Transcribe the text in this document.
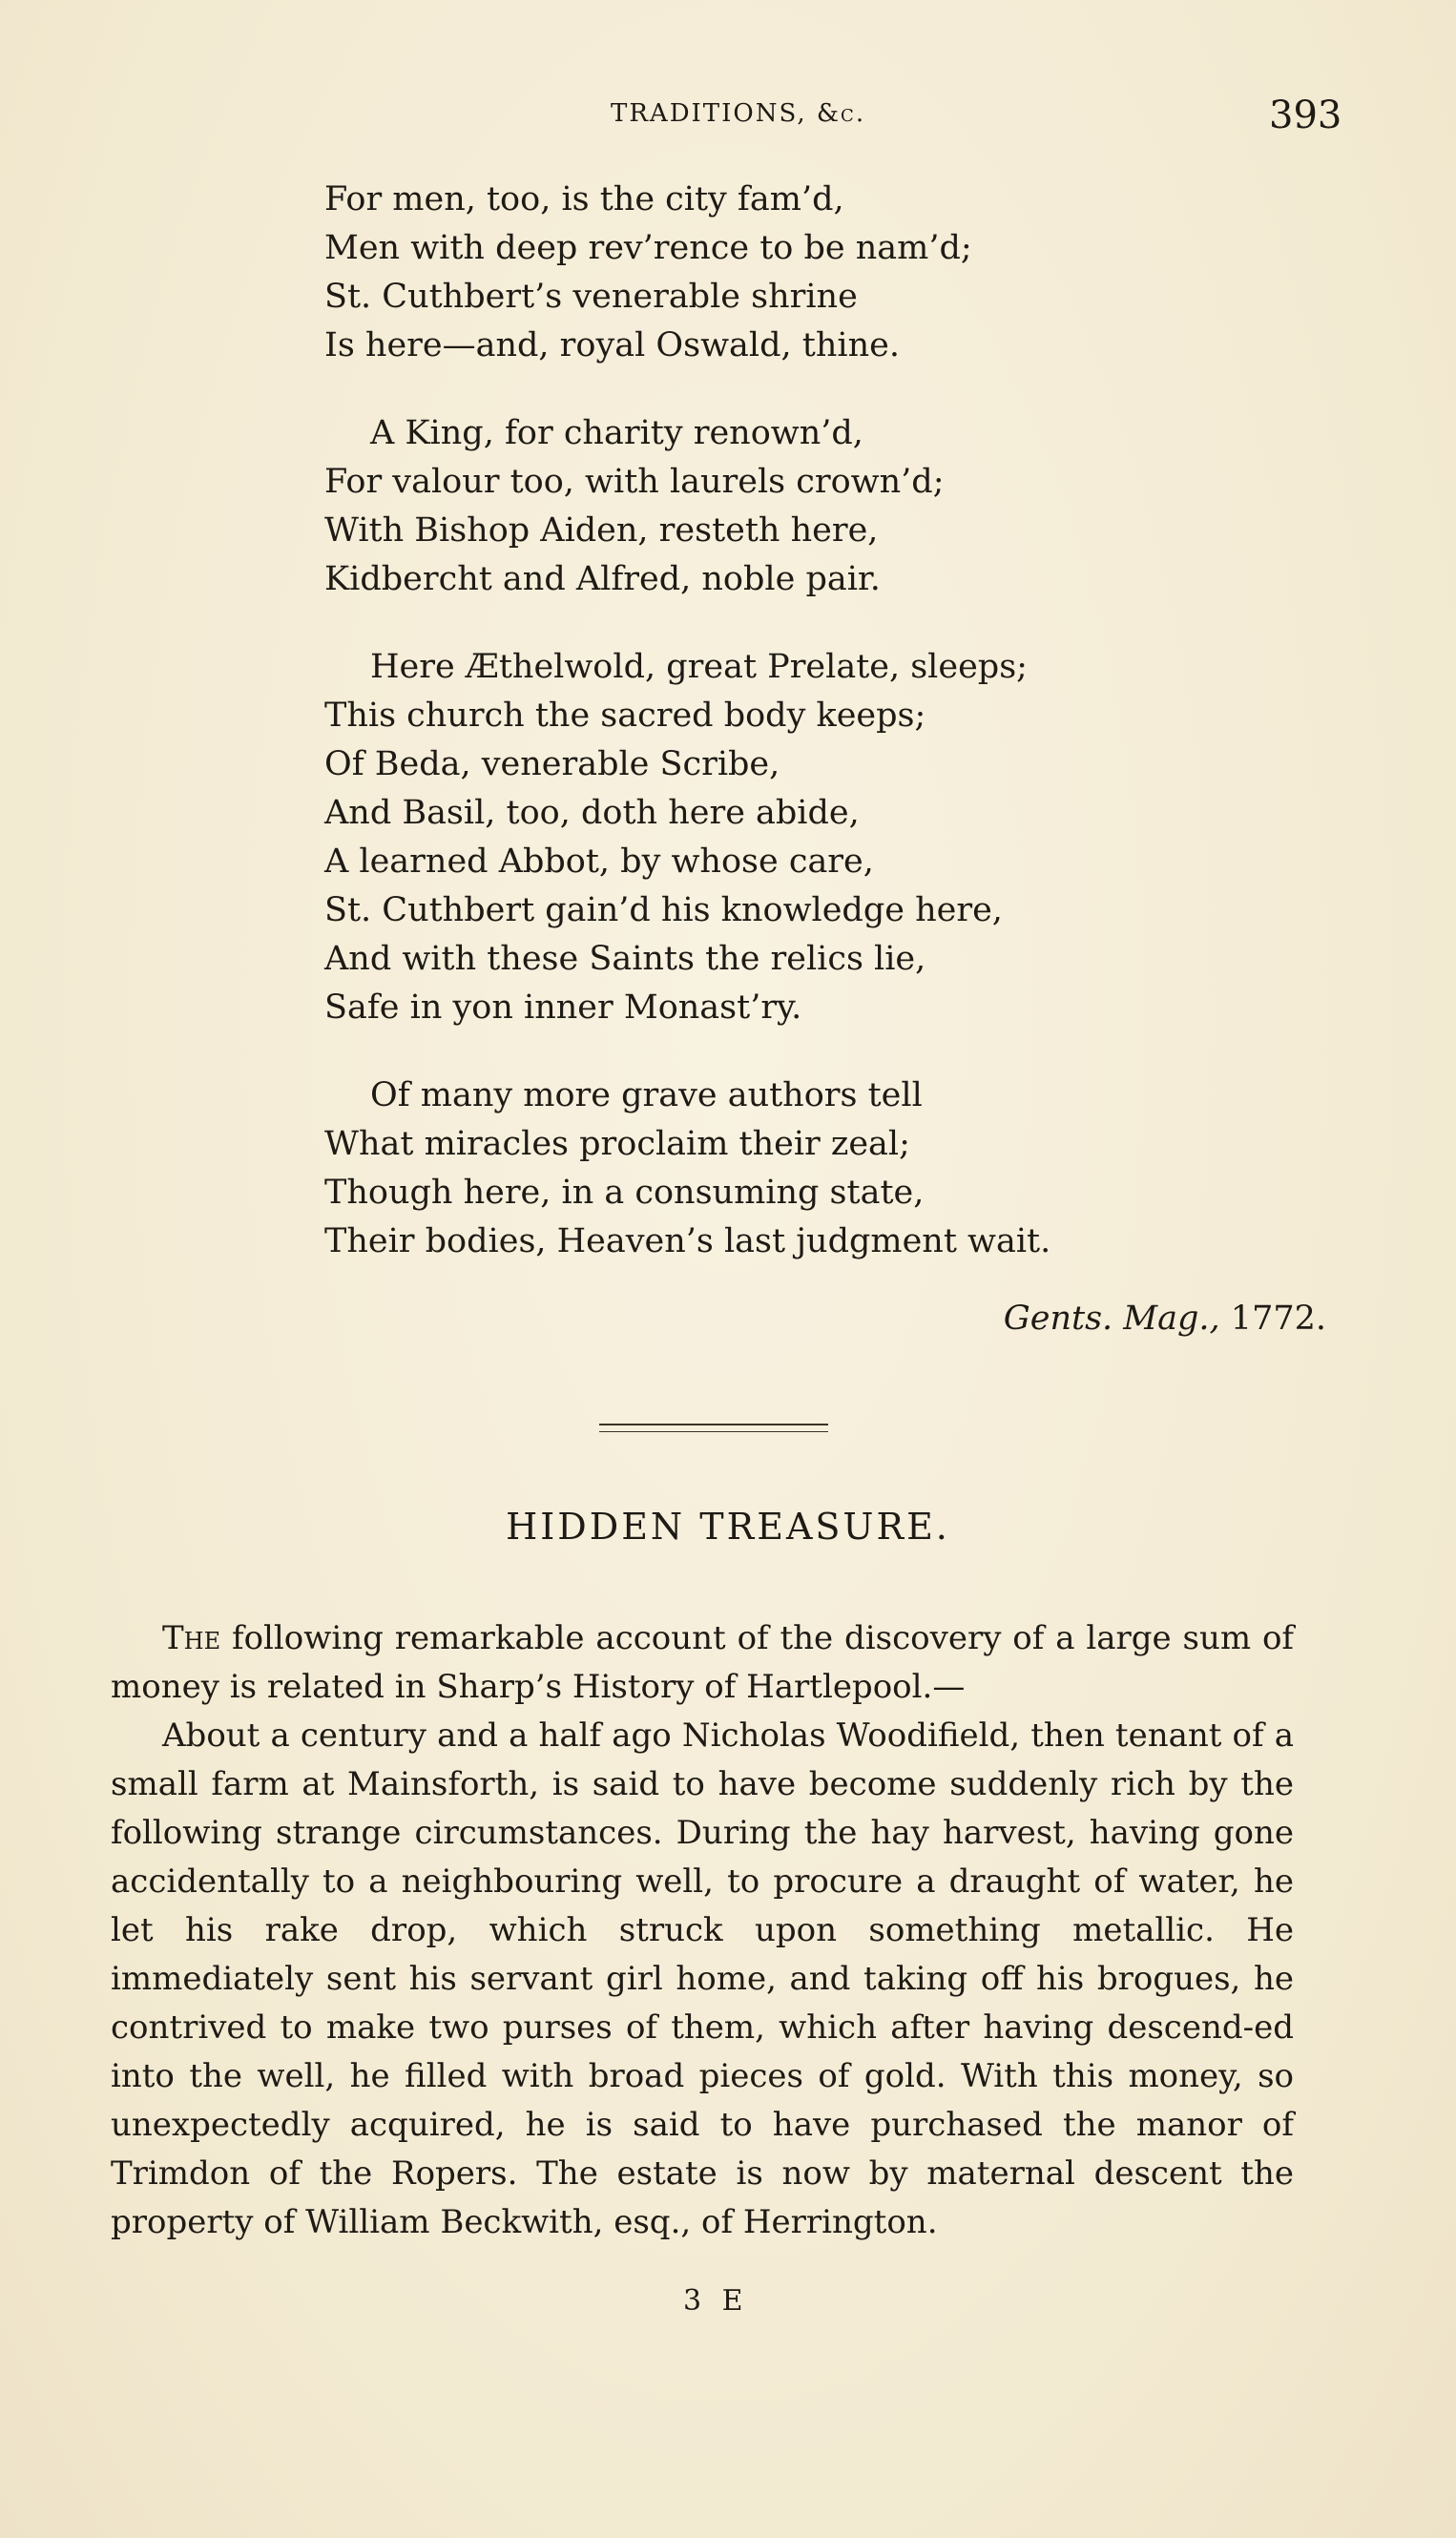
TRADITIONS, &c.	393
For men, too, is the city fam’d,
Men with deep rev’rence to be nam’d;
St. Cuthbert’s venerable shrine
Is here—and, royal Oswald, thine.
A King, for charity renown’d,
For valour too, with laurels crown’d;
With Bishop Aiden, resteth here,
Kidbercht and Alfred, noble pair.
Here Æthelwold, great Prelate, sleeps;
This church the sacred body keeps;
Of Beda, venerable Scribe,
And Basil, too, doth here abide,
A learned Abbot, by whose care,
St. Cuthbert gain’d his knowledge here,
And with these Saints the relics lie,
Safe in yon inner Monast’ry.
Of many more grave authors tell
What miracles proclaim their zeal;
Though here, in a consuming state,
Their bodies, Heaven’s last judgment wait.
Gents. Mag., 1772.
HIDDEN TREASURE.

The following remarkable account of the discovery of a large sum of money is related in Sharp’s History of Hartlepool.—

About a century and a half ago Nicholas Woodifield, then tenant of a small farm at Mainsforth, is said to have become suddenly rich by the following strange circumstances. During the hay harvest, having gone accidentally to a neighbouring well, to procure a draught of water, he let his rake drop, which struck upon something metallic. He immediately sent his servant girl home, and taking off his brogues, he contrived to make two purses of them, which after having descend-ed into the well, he filled with broad pieces of gold. With this money, so unexpectedly acquired, he is said to have purchased the manor of Trimdon of the Ropers. The estate is now by maternal descent the property of William Beckwith, esq., of Herrington.

3 E
